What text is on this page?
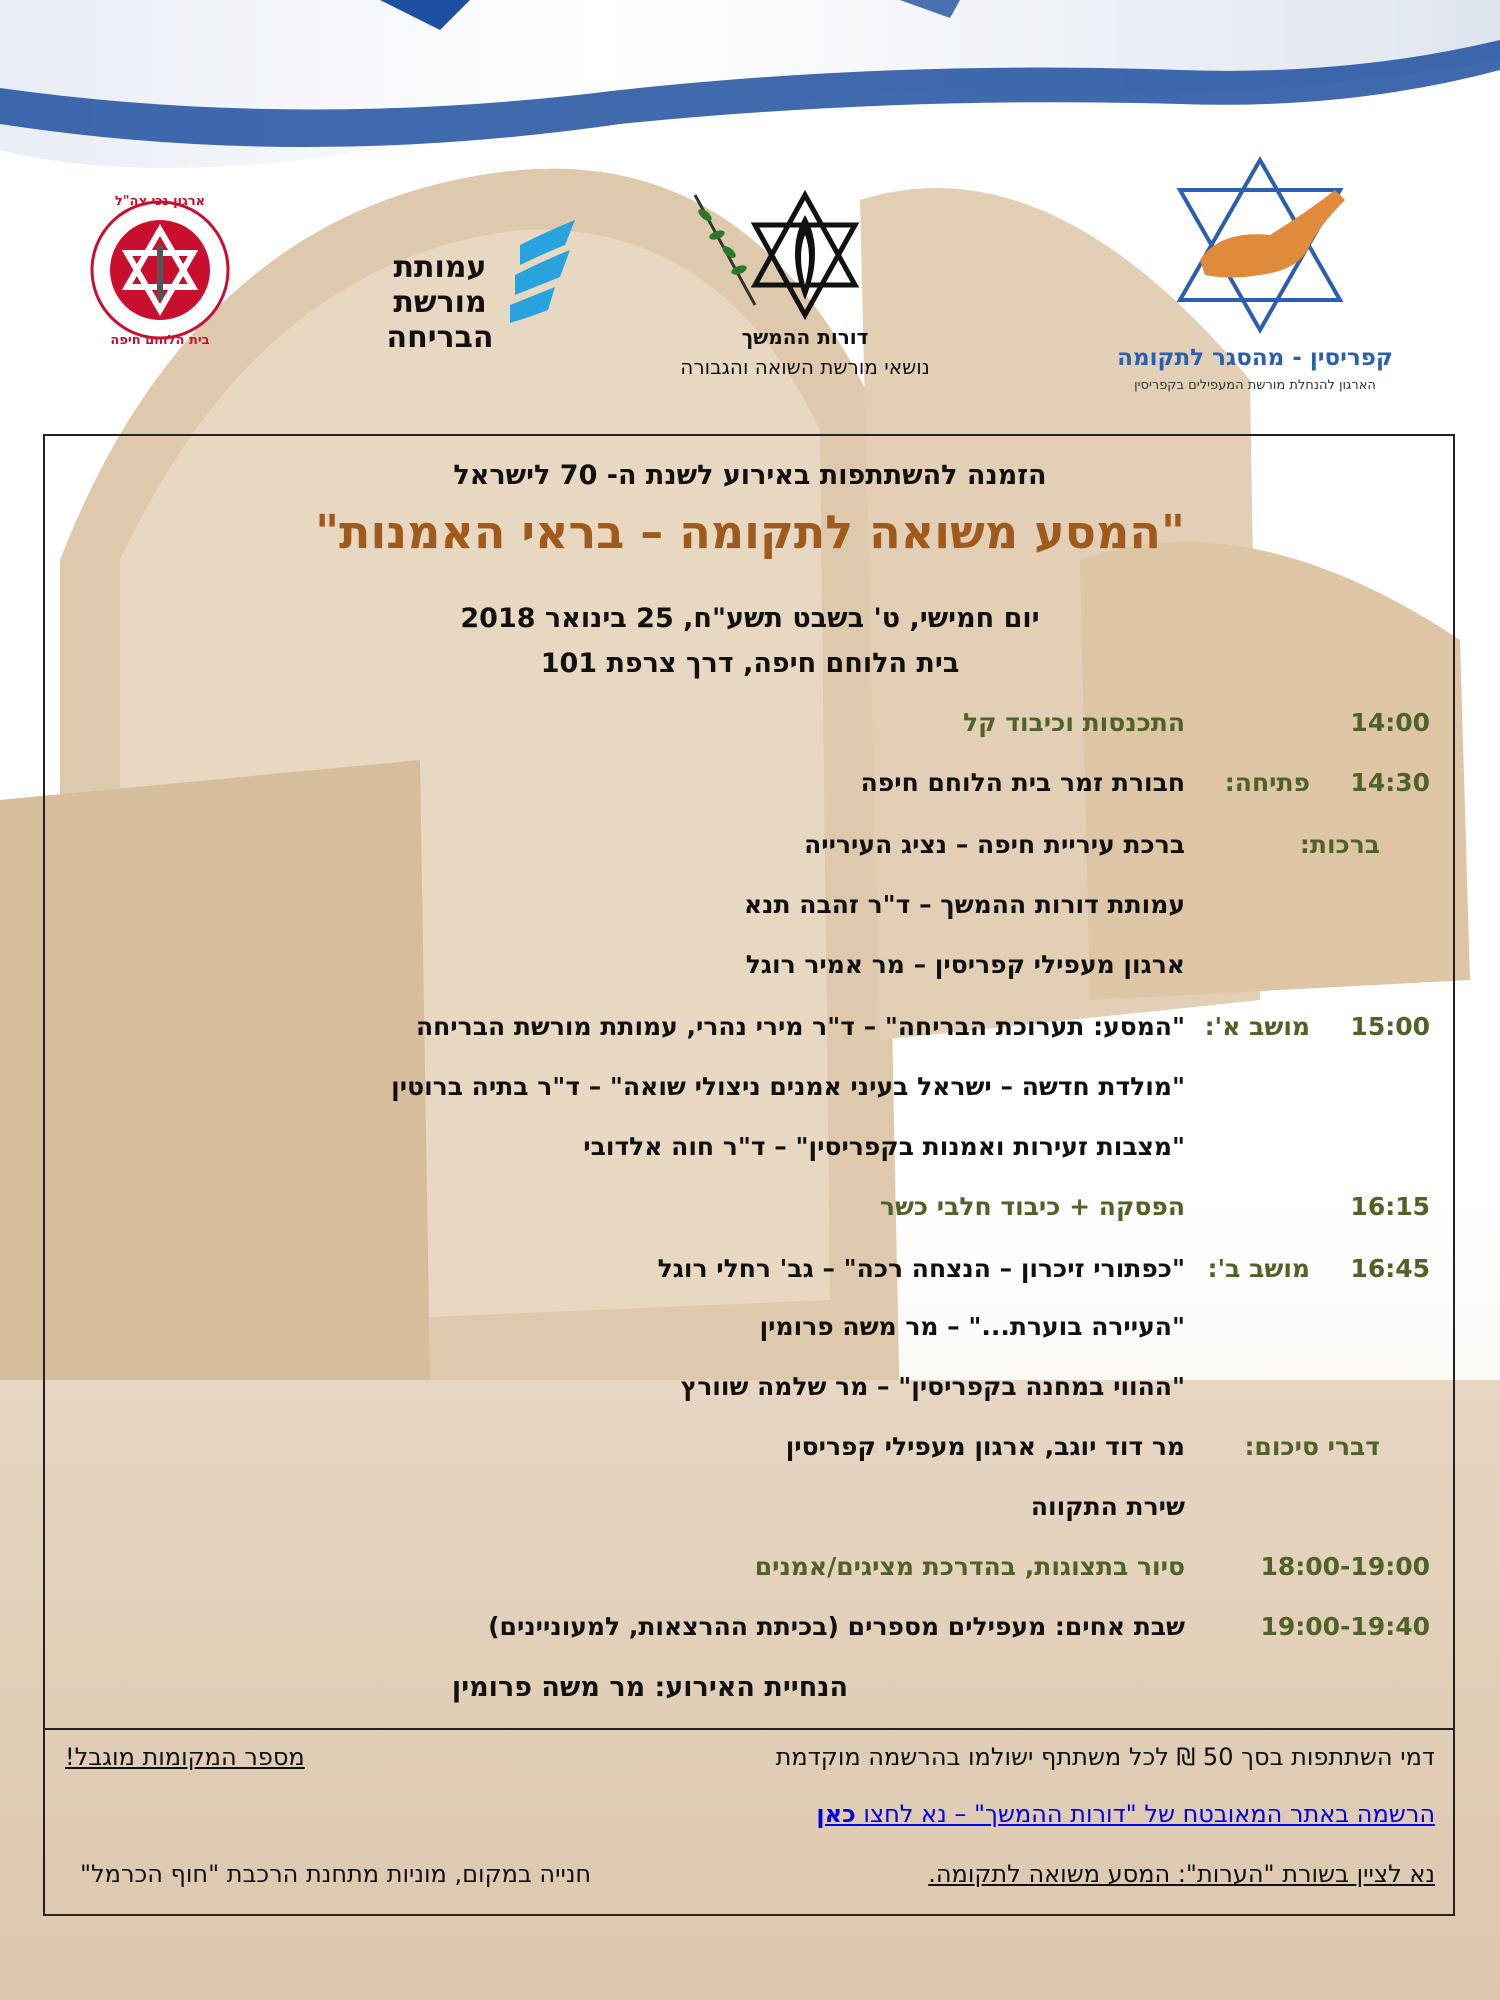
קפריסין - מהסגר לתקומה
הארגון להנחלת מורשת המעפילים בקפריסין
דורות ההמשך
נושאי מורשת השואה והגבורה
עמותת
מורשת
הבריחה
ארגון נכי צה"ל
בית הלוחם חיפה
הזמנה להשתתפות באירוע לשנת ה- 70 לישראל
"המסע משואה לתקומה – בראי האמנות"
יום חמישי, ט' בשבט תשע"ח, 25 בינואר 2018
בית הלוחם חיפה, דרך צרפת 101
14:00
התכנסות וכיבוד קל
14:30
פתיחה:
חבורת זמר בית הלוחם חיפה
ברכות:
ברכת עיריית חיפה – נציג העירייה
עמותת דורות ההמשך – ד"ר זהבה תנא
ארגון מעפילי קפריסין – מר אמיר רוגל
15:00
מושב א':
"המסע: תערוכת הבריחה" – ד"ר מירי נהרי, עמותת מורשת הבריחה
"מולדת חדשה – ישראל בעיני אמנים ניצולי שואה" – ד"ר בתיה ברוטין
"מצבות זעירות ואמנות בקפריסין" – ד"ר חוה אלדובי
16:15
הפסקה + כיבוד חלבי כשר
16:45
מושב ב':
"כפתורי זיכרון – הנצחה רכה" – גב' רחלי רוגל
"העיירה בוערת..." – מר משה פרומין
"ההווי במחנה בקפריסין" – מר שלמה שוורץ
דברי סיכום:
מר דוד יוגב, ארגון מעפילי קפריסין
שירת התקווה
18:00-19:00
סיור בתצוגות, בהדרכת מציגים/אמנים
19:00-19:40
שבת אחים: מעפילים מספרים (בכיתת ההרצאות, למעוניינים)
הנחיית האירוע: מר משה פרומין
דמי השתתפות בסך 50 ₪ לכל משתתף ישולמו בהרשמה מוקדמת
מספר המקומות מוגבל!
הרשמה באתר המאובטח של "דורות ההמשך" – נא לחצו כאן
נא לציין בשורת "הערות": המסע משואה לתקומה.
חנייה במקום, מוניות מתחנת הרכבת "חוף הכרמל"
